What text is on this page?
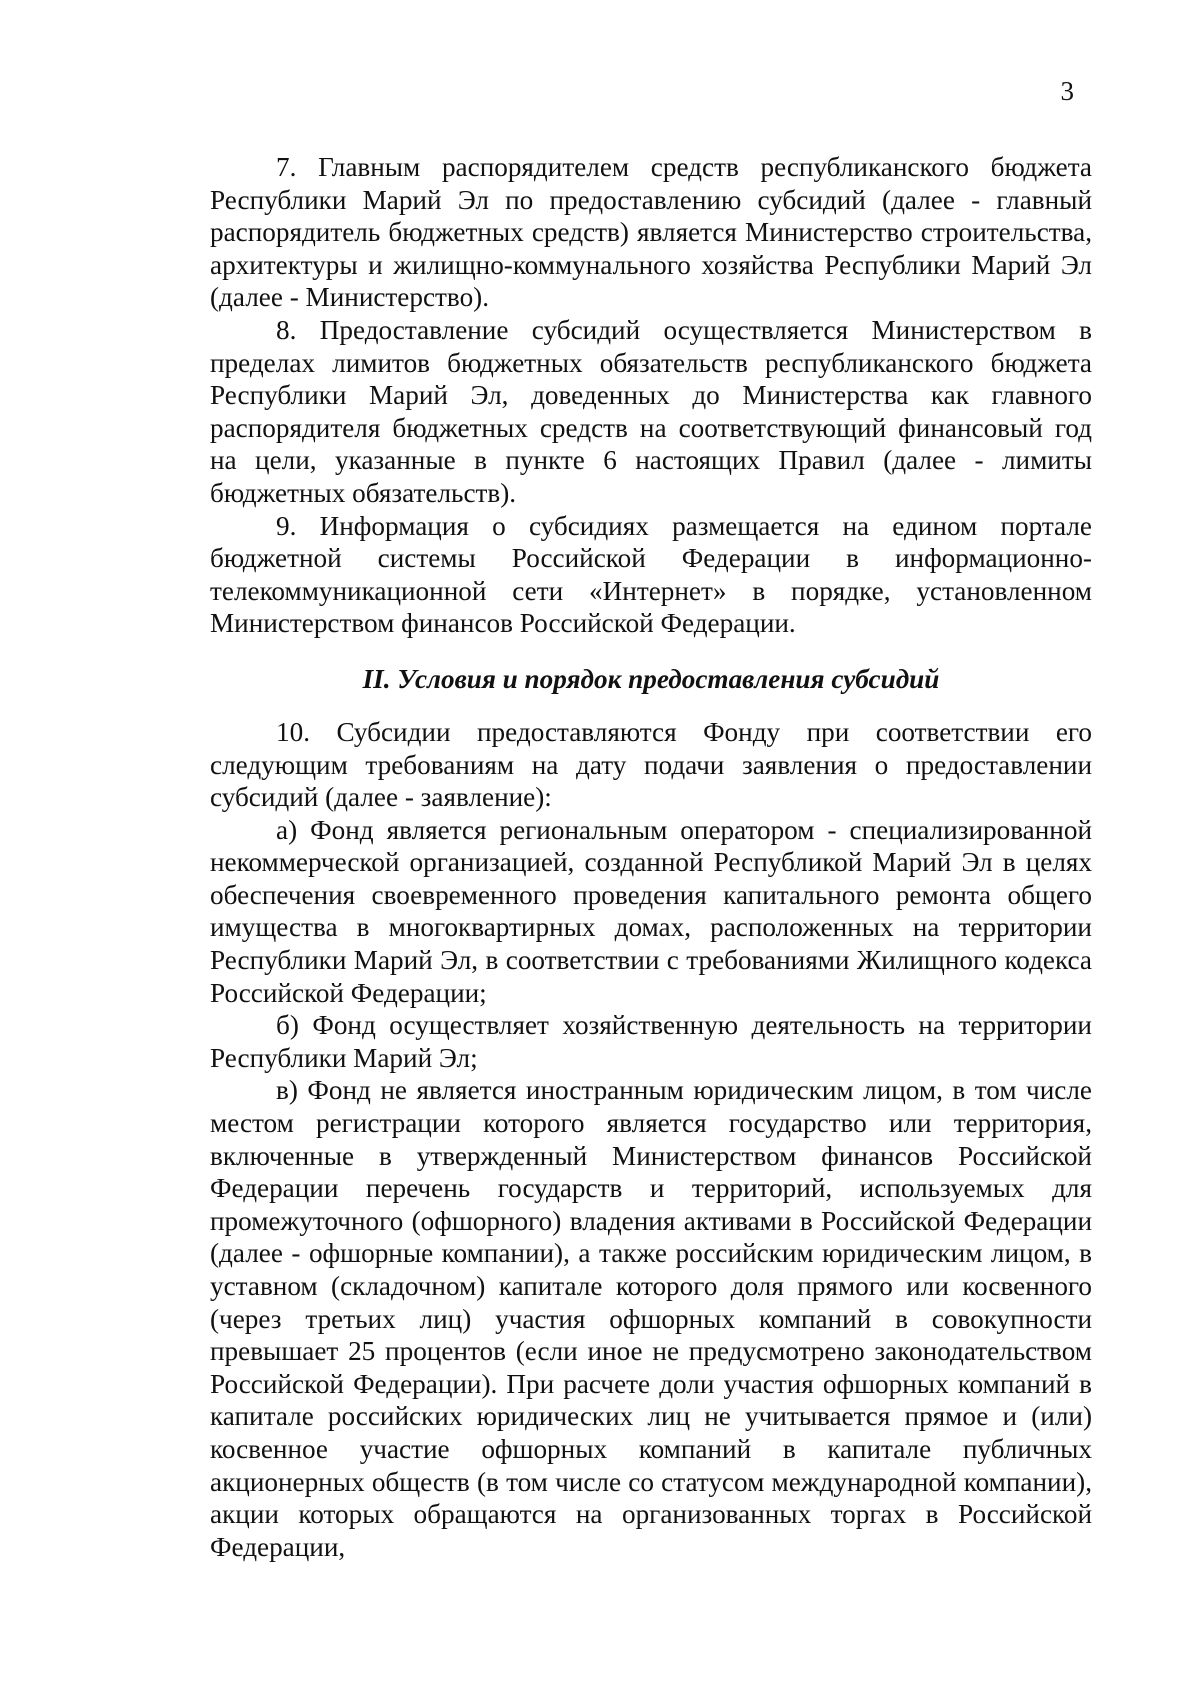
3

7. Главным распорядителем средств республиканского бюджета Республики Марий Эл по предоставлению субсидий (далее - главный распорядитель бюджетных средств) является Министерство строительства, архитектуры и жилищно-коммунального хозяйства Республики Марий Эл (далее - Министерство).

8. Предоставление субсидий осуществляется Министерством в пределах лимитов бюджетных обязательств республиканского бюджета Республики Марий Эл, доведенных до Министерства как главного распорядителя бюджетных средств на соответствующий финансовый год на цели, указанные в пункте 6 настоящих Правил (далее - лимиты бюджетных обязательств).

9. Информация о субсидиях размещается на едином портале бюджетной системы Российской Федерации в информационно-телекоммуникационной сети «Интернет» в порядке, установленном Министерством финансов Российской Федерации.

II. Условия и порядок предоставления субсидий

10. Субсидии предоставляются Фонду при соответствии его следующим требованиям на дату подачи заявления о предоставлении субсидий (далее - заявление):

а) Фонд является региональным оператором - специализированной некоммерческой организацией, созданной Республикой Марий Эл в целях обеспечения своевременного проведения капитального ремонта общего имущества в многоквартирных домах, расположенных на территории Республики Марий Эл, в соответствии с требованиями Жилищного кодекса Российской Федерации;

б) Фонд осуществляет хозяйственную деятельность на территории Республики Марий Эл;

в) Фонд не является иностранным юридическим лицом, в том числе местом регистрации которого является государство или территория, включенные в утвержденный Министерством финансов Российской Федерации перечень государств и территорий, используемых для промежуточного (офшорного) владения активами в Российской Федерации (далее - офшорные компании), а также российским юридическим лицом, в уставном (складочном) капитале которого доля прямого или косвенного (через третьих лиц) участия офшорных компаний в совокупности превышает 25 процентов (если иное не предусмотрено законодательством Российской Федерации). При расчете доли участия офшорных компаний в капитале российских юридических лиц не учитывается прямое и (или) косвенное участие офшорных компаний в капитале публичных акционерных обществ (в том числе со статусом международной компании), акции которых обращаются на организованных торгах в Российской Федерации,
